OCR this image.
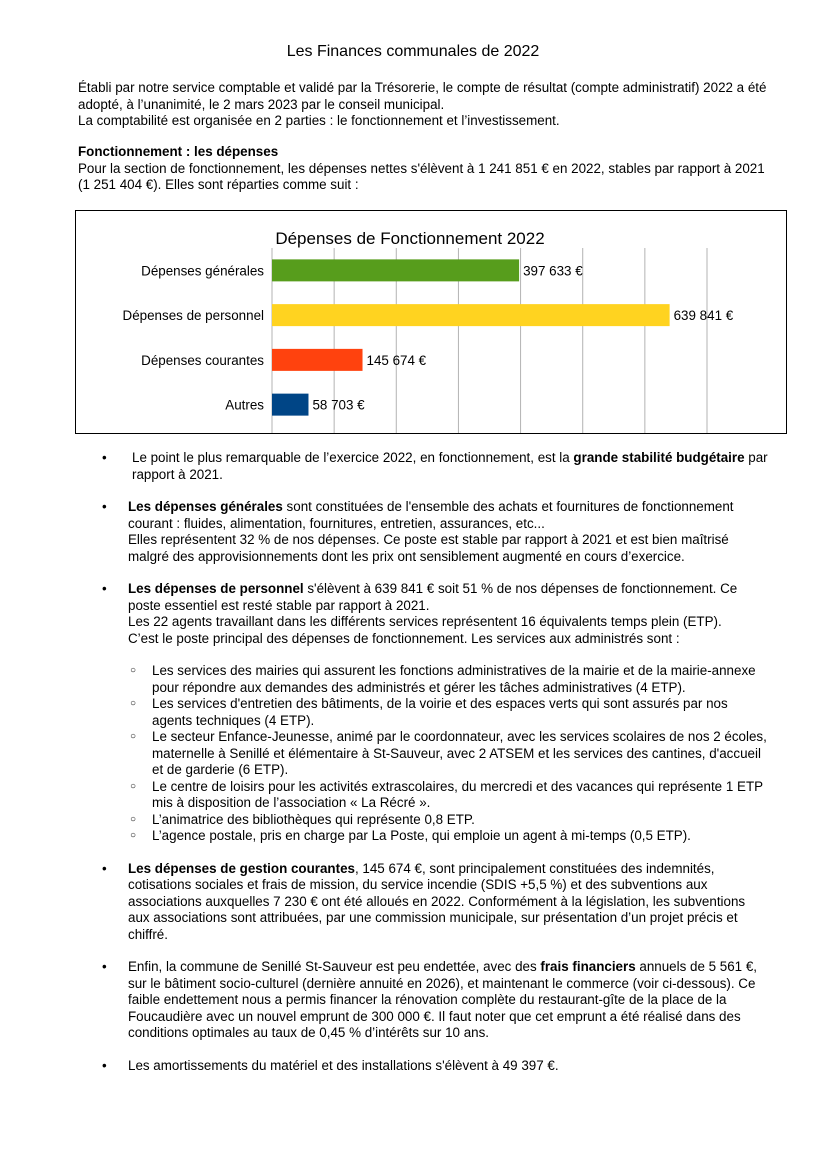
Les Finances communales de 2022
Établi par notre service comptable et validé par la Trésorerie, le compte de résultat (compte administratif) 2022 a été adopté, à l’unanimité, le 2 mars 2023 par le conseil municipal.
La comptabilité est organisée en 2 parties : le fonctionnement et l’investissement.
Fonctionnement : les dépenses
Pour la section de fonctionnement, les dépenses nettes s'élèvent à 1 241 851 € en 2022, stables par rapport à 2021 (1 251 404 €). Elles sont réparties comme suit :
Dépenses de Fonctionnement 2022
Dépenses générales	397 633 €
Dépenses de personnel	639 841 €
Dépenses courantes	145 674 €
Autres	58 703 €
• Le point le plus remarquable de l’exercice 2022, en fonctionnement, est la grande stabilité budgétaire par rapport à 2021.
• Les dépenses générales sont constituées de l'ensemble des achats et fournitures de fonctionnement courant : fluides, alimentation, fournitures, entretien, assurances, etc...
Elles représentent 32 % de nos dépenses. Ce poste est stable par rapport à 2021 et est bien maîtrisé malgré des approvisionnements dont les prix ont sensiblement augmenté en cours d’exercice.
• Les dépenses de personnel s'élèvent à 639 841 € soit 51 % de nos dépenses de fonctionnement. Ce poste essentiel est resté stable par rapport à 2021.
Les 22 agents travaillant dans les différents services représentent 16 équivalents temps plein (ETP).
C’est le poste principal des dépenses de fonctionnement. Les services aux administrés sont :
○ Les services des mairies qui assurent les fonctions administratives de la mairie et de la mairie-annexe pour répondre aux demandes des administrés et gérer les tâches administratives (4 ETP).
○ Les services d'entretien des bâtiments, de la voirie et des espaces verts qui sont assurés par nos agents techniques (4 ETP).
○ Le secteur Enfance-Jeunesse, animé par le coordonnateur, avec les services scolaires de nos 2 écoles, maternelle à Senillé et élémentaire à St-Sauveur, avec 2 ATSEM et les services des cantines, d'accueil et de garderie (6 ETP).
○ Le centre de loisirs pour les activités extrascolaires, du mercredi et des vacances qui représente 1 ETP mis à disposition de l’association « La Récré ».
○ L’animatrice des bibliothèques qui représente 0,8 ETP.
○ L’agence postale, pris en charge par La Poste, qui emploie un agent à mi-temps (0,5 ETP).
• Les dépenses de gestion courantes, 145 674 €, sont principalement constituées des indemnités, cotisations sociales et frais de mission, du service incendie (SDIS +5,5 %) et des subventions aux associations auxquelles 7 230 € ont été alloués en 2022. Conformément à la législation, les subventions aux associations sont attribuées, par une commission municipale, sur présentation d’un projet précis et chiffré.
• Enfin, la commune de Senillé St-Sauveur est peu endettée, avec des frais financiers annuels de 5 561 €, sur le bâtiment socio-culturel (dernière annuité en 2026), et maintenant le commerce (voir ci-dessous). Ce faible endettement nous a permis financer la rénovation complète du restaurant-gîte de la place de la Foucaudière avec un nouvel emprunt de 300 000 €. Il faut noter que cet emprunt a été réalisé dans des conditions optimales au taux de 0,45 % d’intérêts sur 10 ans.
• Les amortissements du matériel et des installations s'élèvent à 49 397 €.
